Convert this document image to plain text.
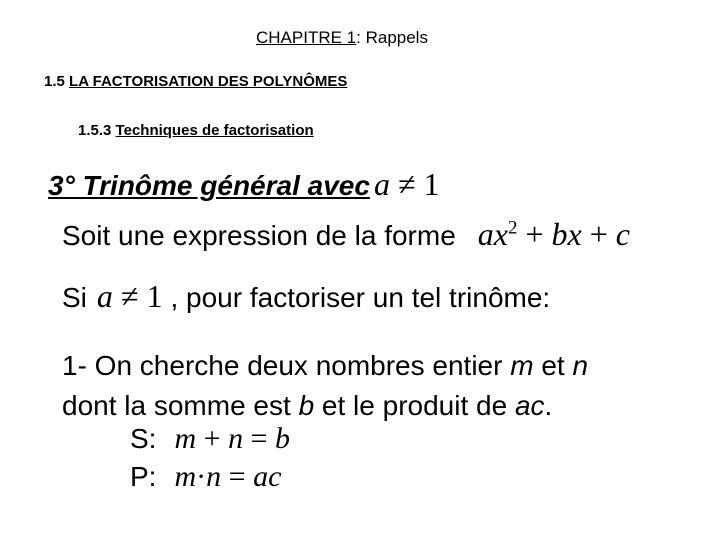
CHAPITRE 1: Rappels
1.5 LA FACTORISATION DES POLYNÔMES
1.5.3 Techniques de factorisation
3° Trinôme général avec a ≠ 1
Soit une expression de la forme $ax^2$ + bx + c
Si a ≠ 1 , pour factoriser un tel trinôme:
1- On cherche deux nombres entier m et n
dont la somme est b et le produit de ac.
S: m + n = b
P: m·n = ac
